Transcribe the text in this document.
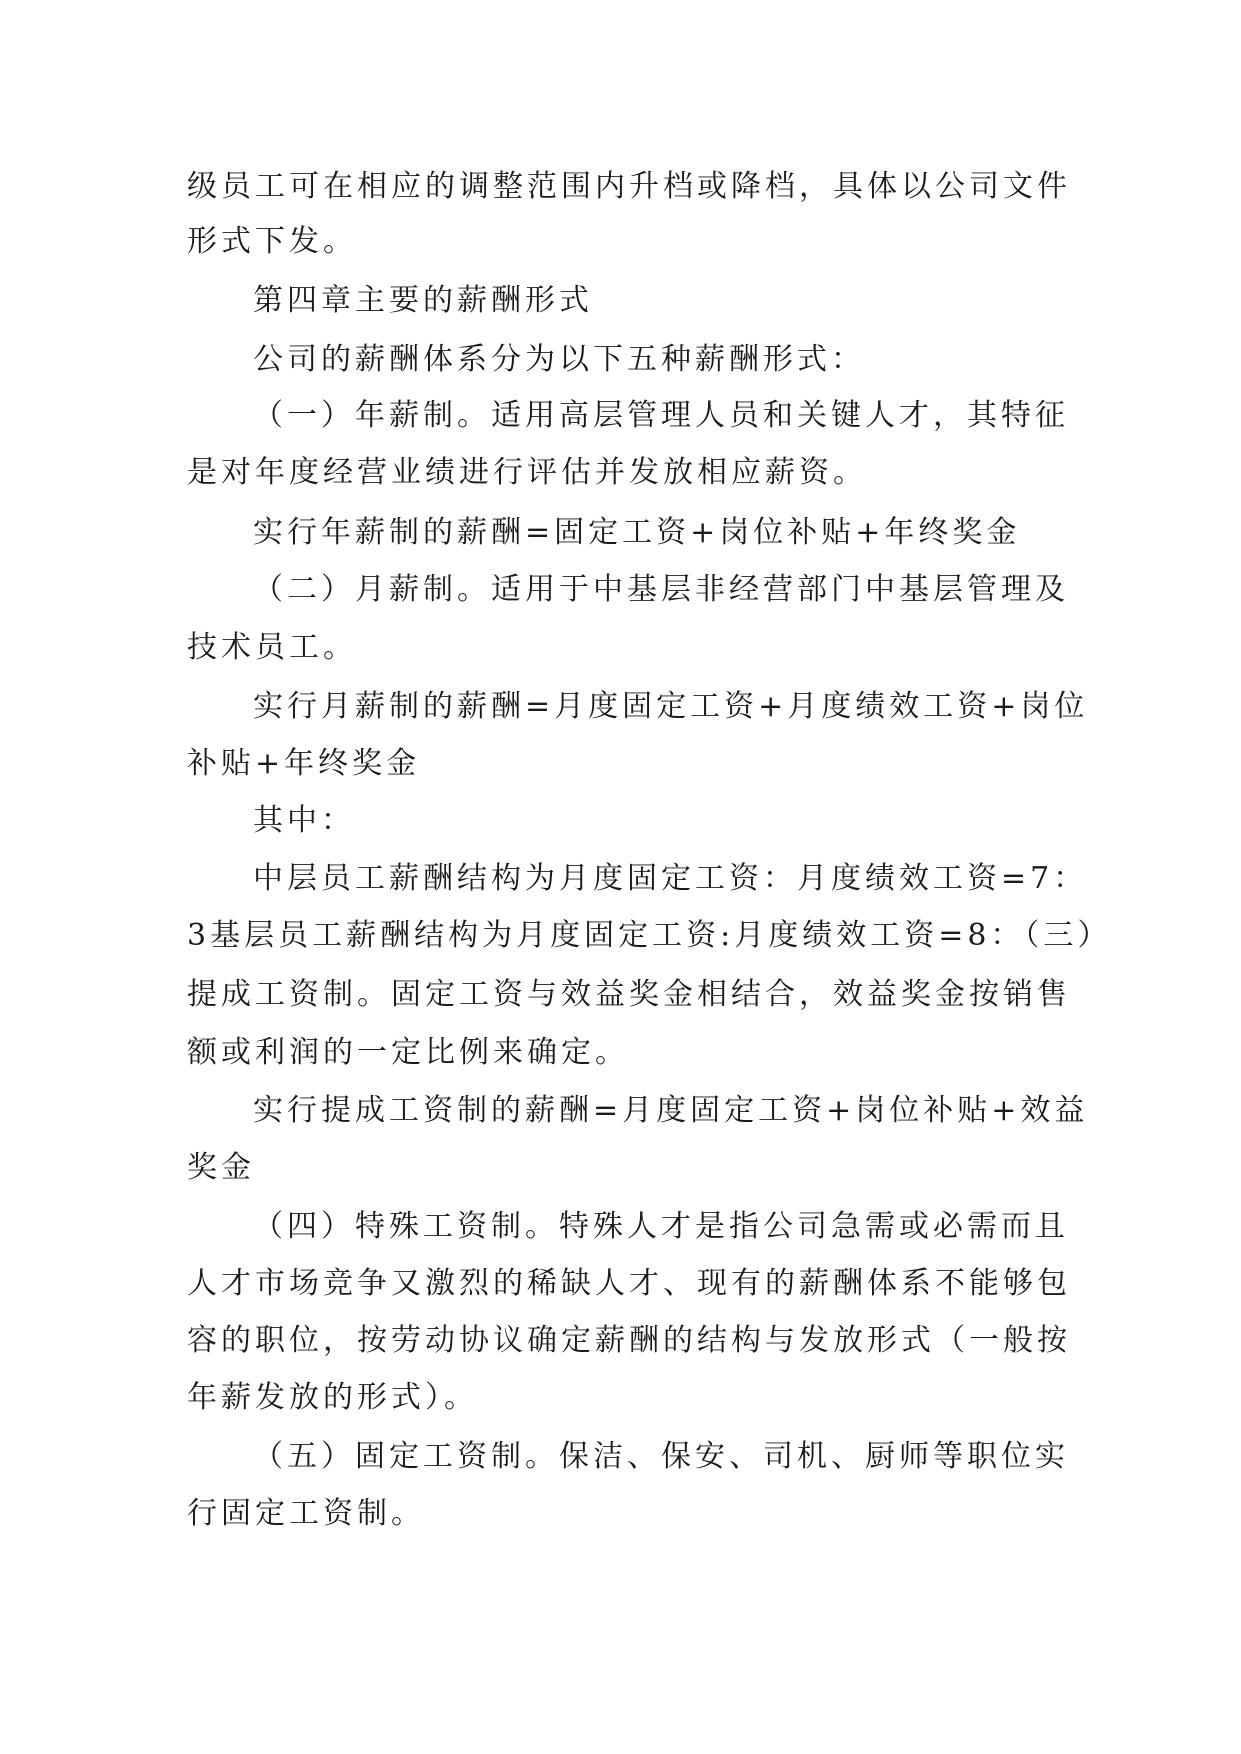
级员工可在相应的调整范围内升档或降档，具体以公司文件
形式下发。
第四章主要的薪酬形式
公司的薪酬体系分为以下五种薪酬形式：
（一）年薪制。适用高层管理人员和关键人才，其特征
是对年度经营业绩进行评估并发放相应薪资。
实行年薪制的薪酬=固定工资+岗位补贴+年终奖金
（二）月薪制。适用于中基层非经营部门中基层管理及
技术员工。
实行月薪制的薪酬=月度固定工资+月度绩效工资+岗位
补贴+年终奖金
其中：
中层员工薪酬结构为月度固定工资：月度绩效工资=7：
3基层员工薪酬结构为月度固定工资:月度绩效工资=8：（三）
提成工资制。固定工资与效益奖金相结合，效益奖金按销售
额或利润的一定比例来确定。
实行提成工资制的薪酬=月度固定工资+岗位补贴+效益
奖金
（四）特殊工资制。特殊人才是指公司急需或必需而且
人才市场竞争又激烈的稀缺人才、现有的薪酬体系不能够包
容的职位，按劳动协议确定薪酬的结构与发放形式（一般按
年薪发放的形式）。
（五）固定工资制。保洁、保安、司机、厨师等职位实
行固定工资制。
